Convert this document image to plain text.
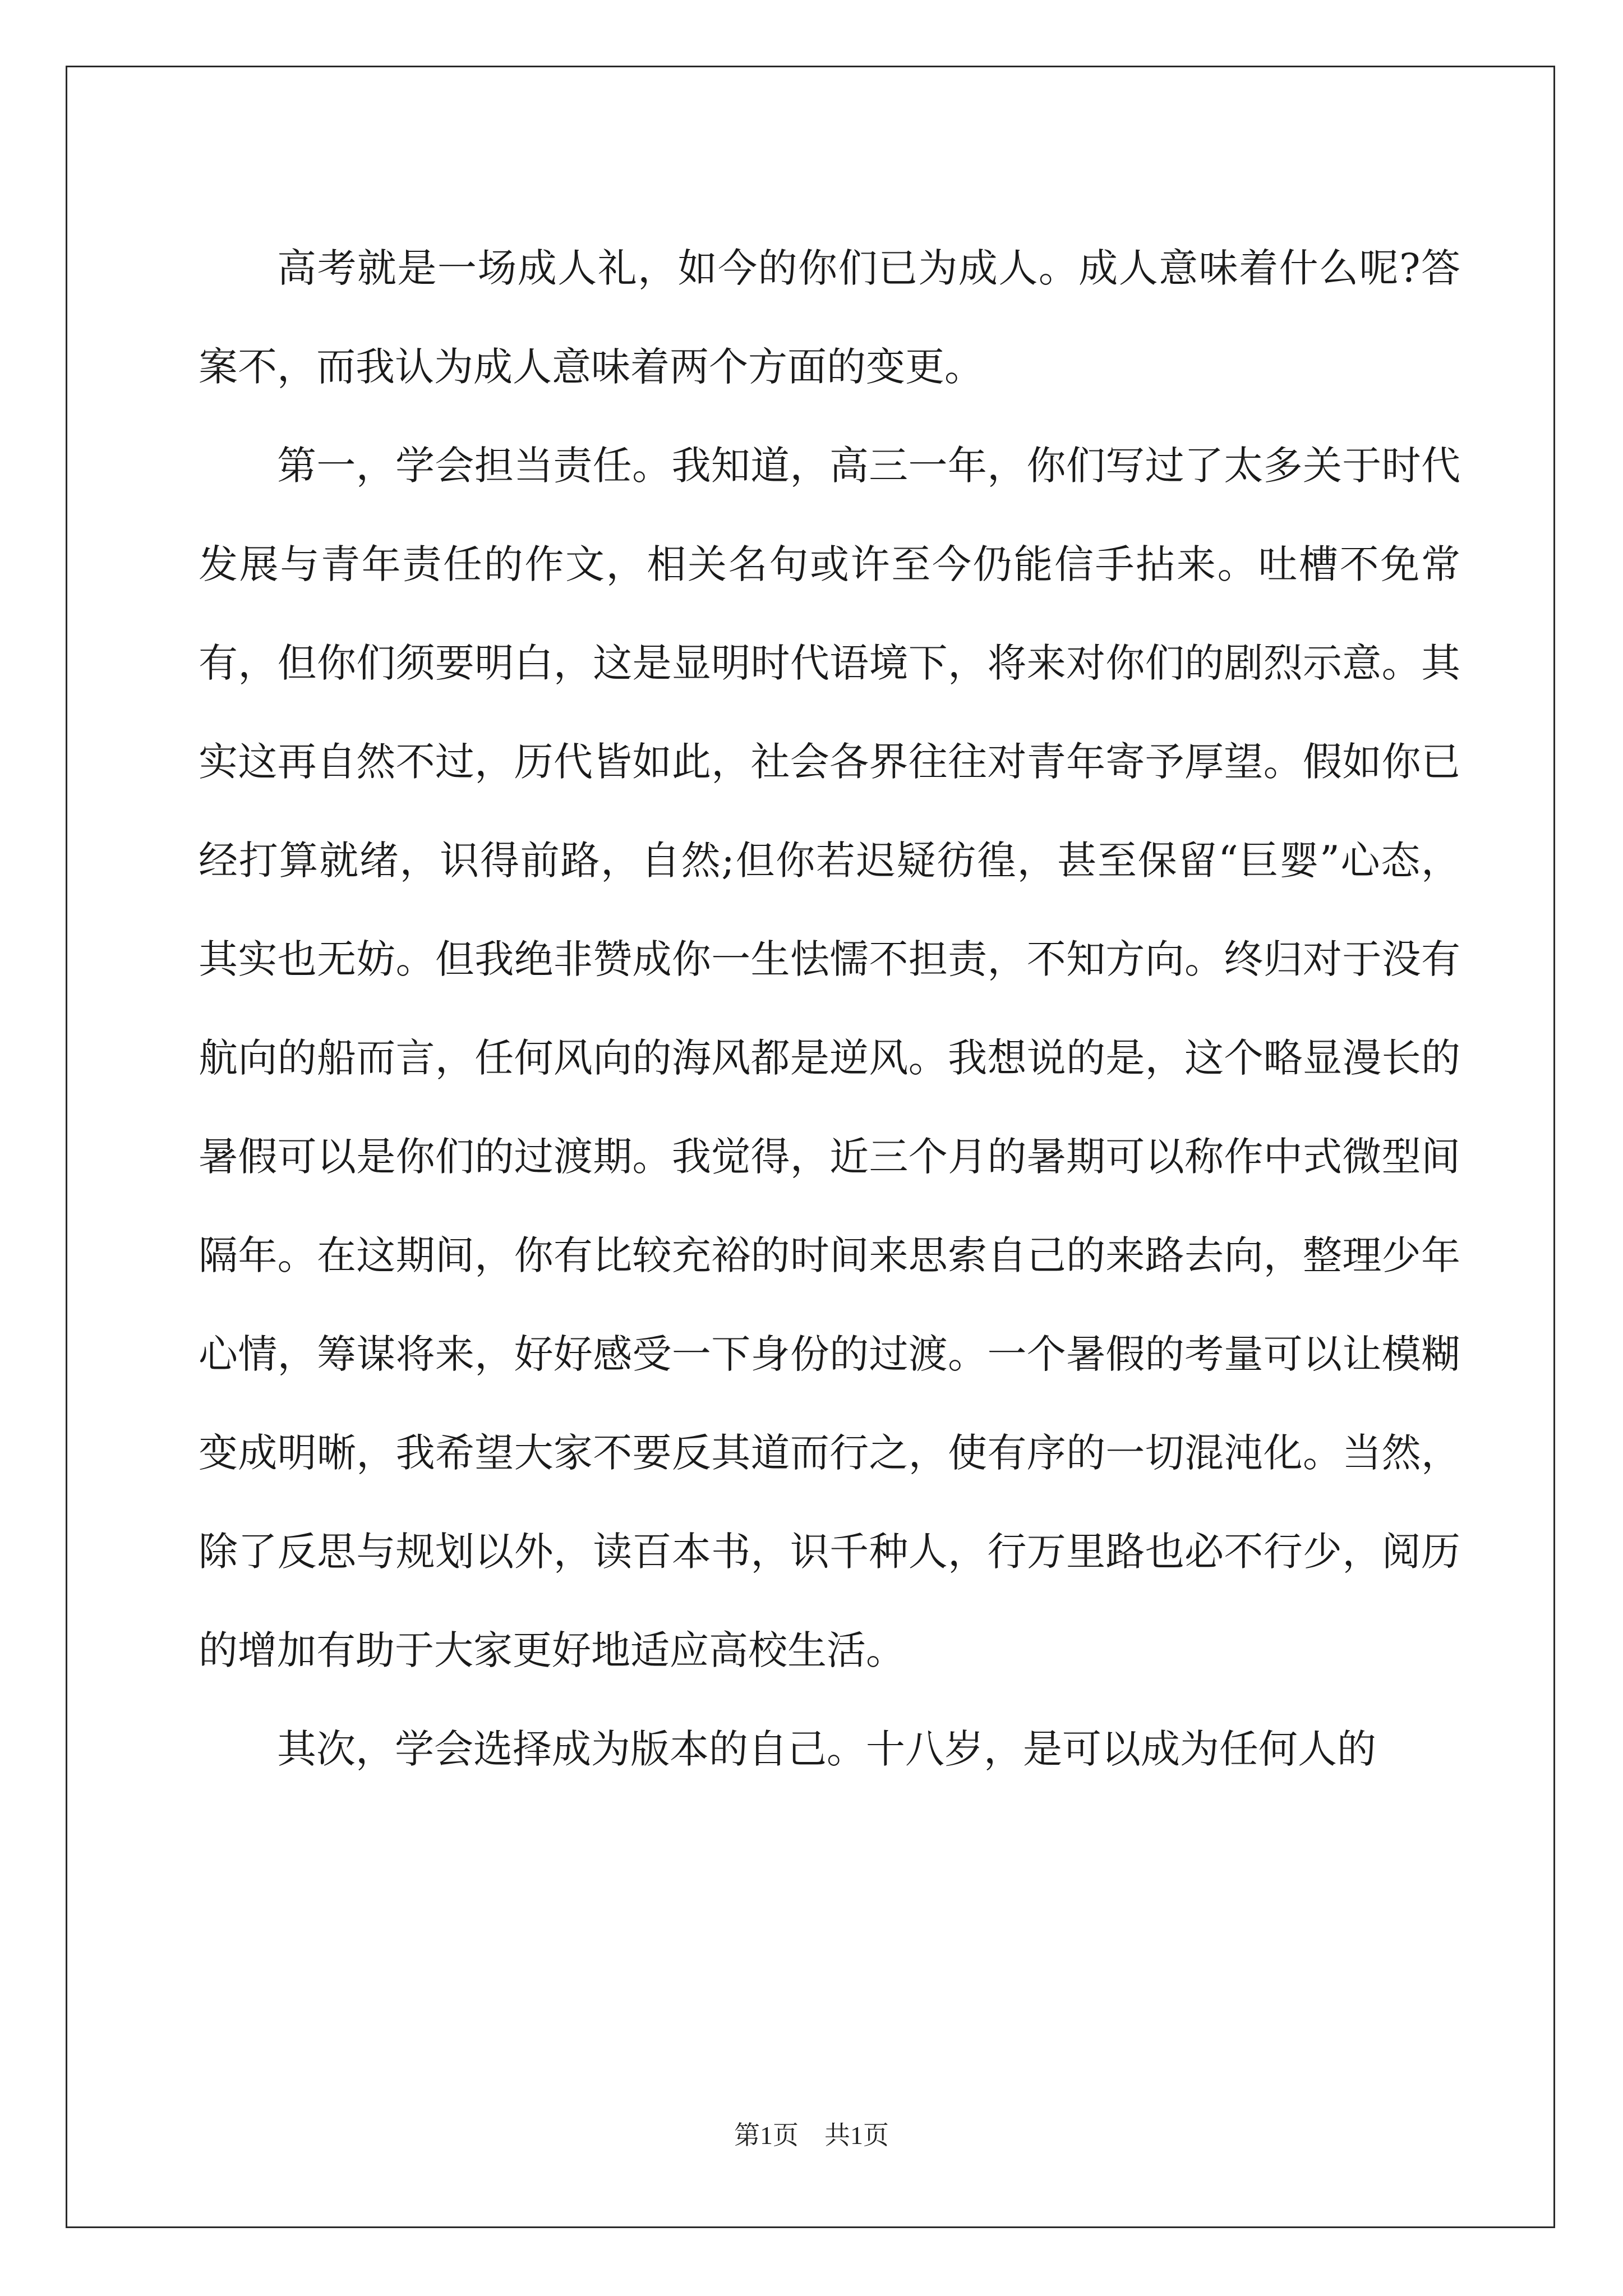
高考就是一场成人礼，如今的你们已为成人。成人意味着什么呢?答案不，而我认为成人意味着两个方面的变更。

第一，学会担当责任。我知道，高三一年，你们写过了太多关于时代发展与青年责任的作文，相关名句或许至今仍能信手拈来。吐槽不免常有，但你们须要明白，这是显明时代语境下，将来对你们的剧烈示意。其实这再自然不过，历代皆如此，社会各界往往对青年寄予厚望。假如你已经打算就绪，识得前路，自然;但你若迟疑彷徨，甚至保留“巨婴”心态，其实也无妨。但我绝非赞成你一生怯懦不担责，不知方向。终归对于没有航向的船而言，任何风向的海风都是逆风。我想说的是，这个略显漫长的暑假可以是你们的过渡期。我觉得，近三个月的暑期可以称作中式微型间隔年。在这期间，你有比较充裕的时间来思索自己的来路去向，整理少年心情，筹谋将来，好好感受一下身份的过渡。一个暑假的考量可以让模糊变成明晰，我希望大家不要反其道而行之，使有序的一切混沌化。当然，除了反思与规划以外，读百本书，识千种人，行万里路也必不行少，阅历的增加有助于大家更好地适应高校生活。

其次，学会选择成为版本的自己。十八岁，是可以成为任何人的

第1页　共1页
